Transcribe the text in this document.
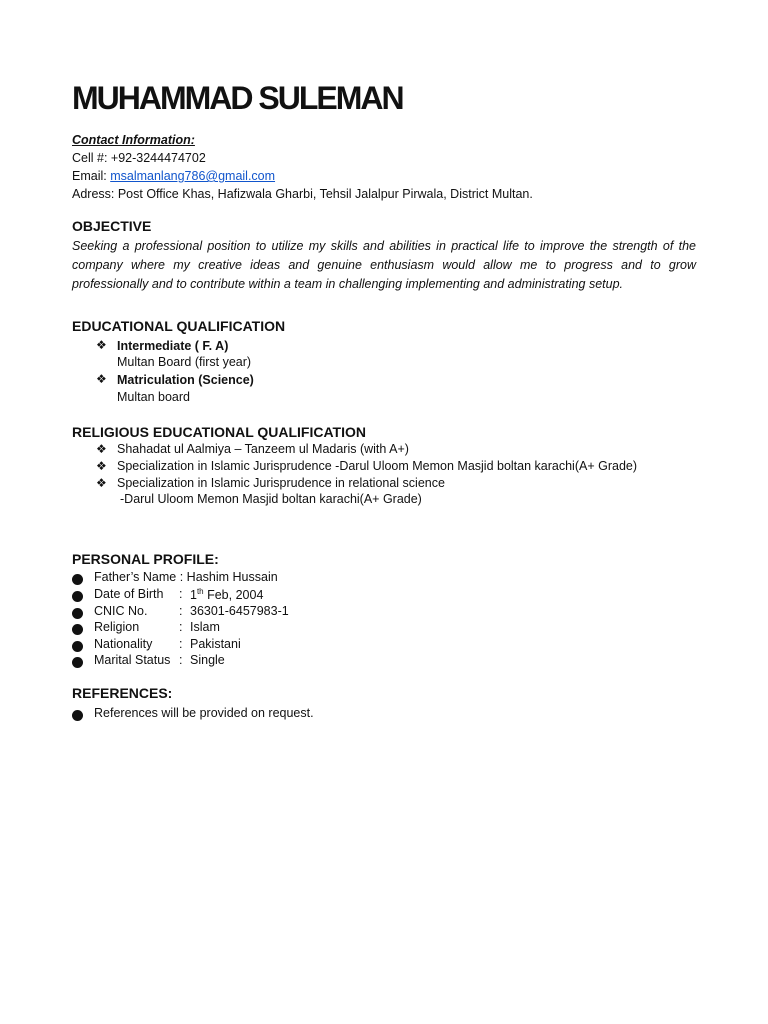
MUHAMMAD SULEMAN
Contact Information:
Cell #: +92-3244474702
Email: msalmanlang786@gmail.com
Adress: Post Office Khas, Hafizwala Gharbi, Tehsil Jalalpur Pirwala, District Multan.
OBJECTIVE
Seeking a professional position to utilize my skills and abilities in practical life to improve the strength of the company where my creative ideas and genuine enthusiasm would allow me to progress and to grow professionally and to contribute within a team in challenging implementing and administrating setup.
EDUCATIONAL QUALIFICATION
❖ Intermediate ( F. A)
Multan Board (first year)
❖ Matriculation (Science)
Multan board
RELIGIOUS EDUCATIONAL QUALIFICATION
❖ Shahadat ul Aalmiya – Tanzeem ul Madaris (with A+)
❖ Specialization in Islamic Jurisprudence -Darul Uloom Memon Masjid boltan karachi(A+ Grade)
❖ Specialization in Islamic Jurisprudence in relational science
-Darul Uloom Memon Masjid boltan karachi(A+ Grade)
PERSONAL PROFILE:
Father’s Name : Hashim Hussain
Date of Birth : 1th Feb, 2004
CNIC No.	: 36301-6457983-1
Religion	: Islam
Nationality : Pakistani
Marital Status : Single
REFERENCES:
References will be provided on request.
